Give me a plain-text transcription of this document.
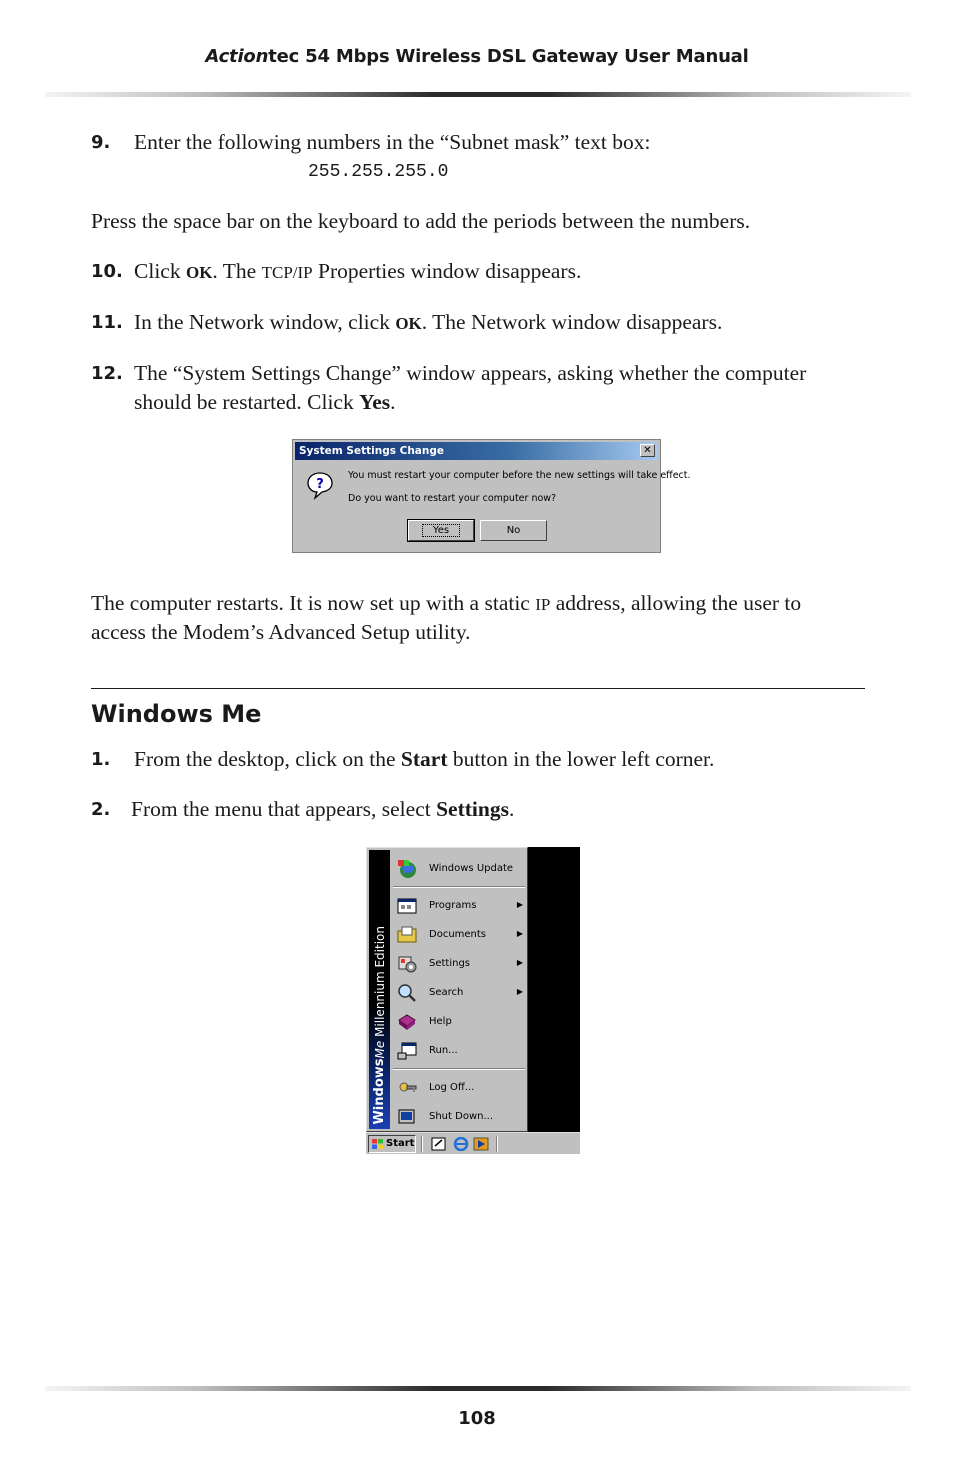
Actiontec 54 Mbps Wireless DSL Gateway User Manual
9. Enter the following numbers in the “Subnet mask” text box:
255.255.255.0
Press the space bar on the keyboard to add the periods between the numbers.
10. Click OK. The TCP/IP Properties window disappears.
11. In the Network window, click OK. The Network window disappears.
12. The “System Settings Change” window appears, asking whether the computer
should be restarted. Click Yes.
System Settings Change	✕
?
You must restart your computer before the new settings will take effect.
Do you want to restart your computer now?
Yes	No
The computer restarts. It is now set up with a static IP address, allowing the user to
access the Modem’s Advanced Setup utility.
Windows Me
1. From the desktop, click on the Start button in the lower left corner.
2. From the menu that appears, select Settings.
WindowsMe Millennium Edition
Windows Update
Programs	▶
Documents	▶
Settings	▶
Search	▶
Help
Run...
Log Off...
Shut Down...
Start
108
